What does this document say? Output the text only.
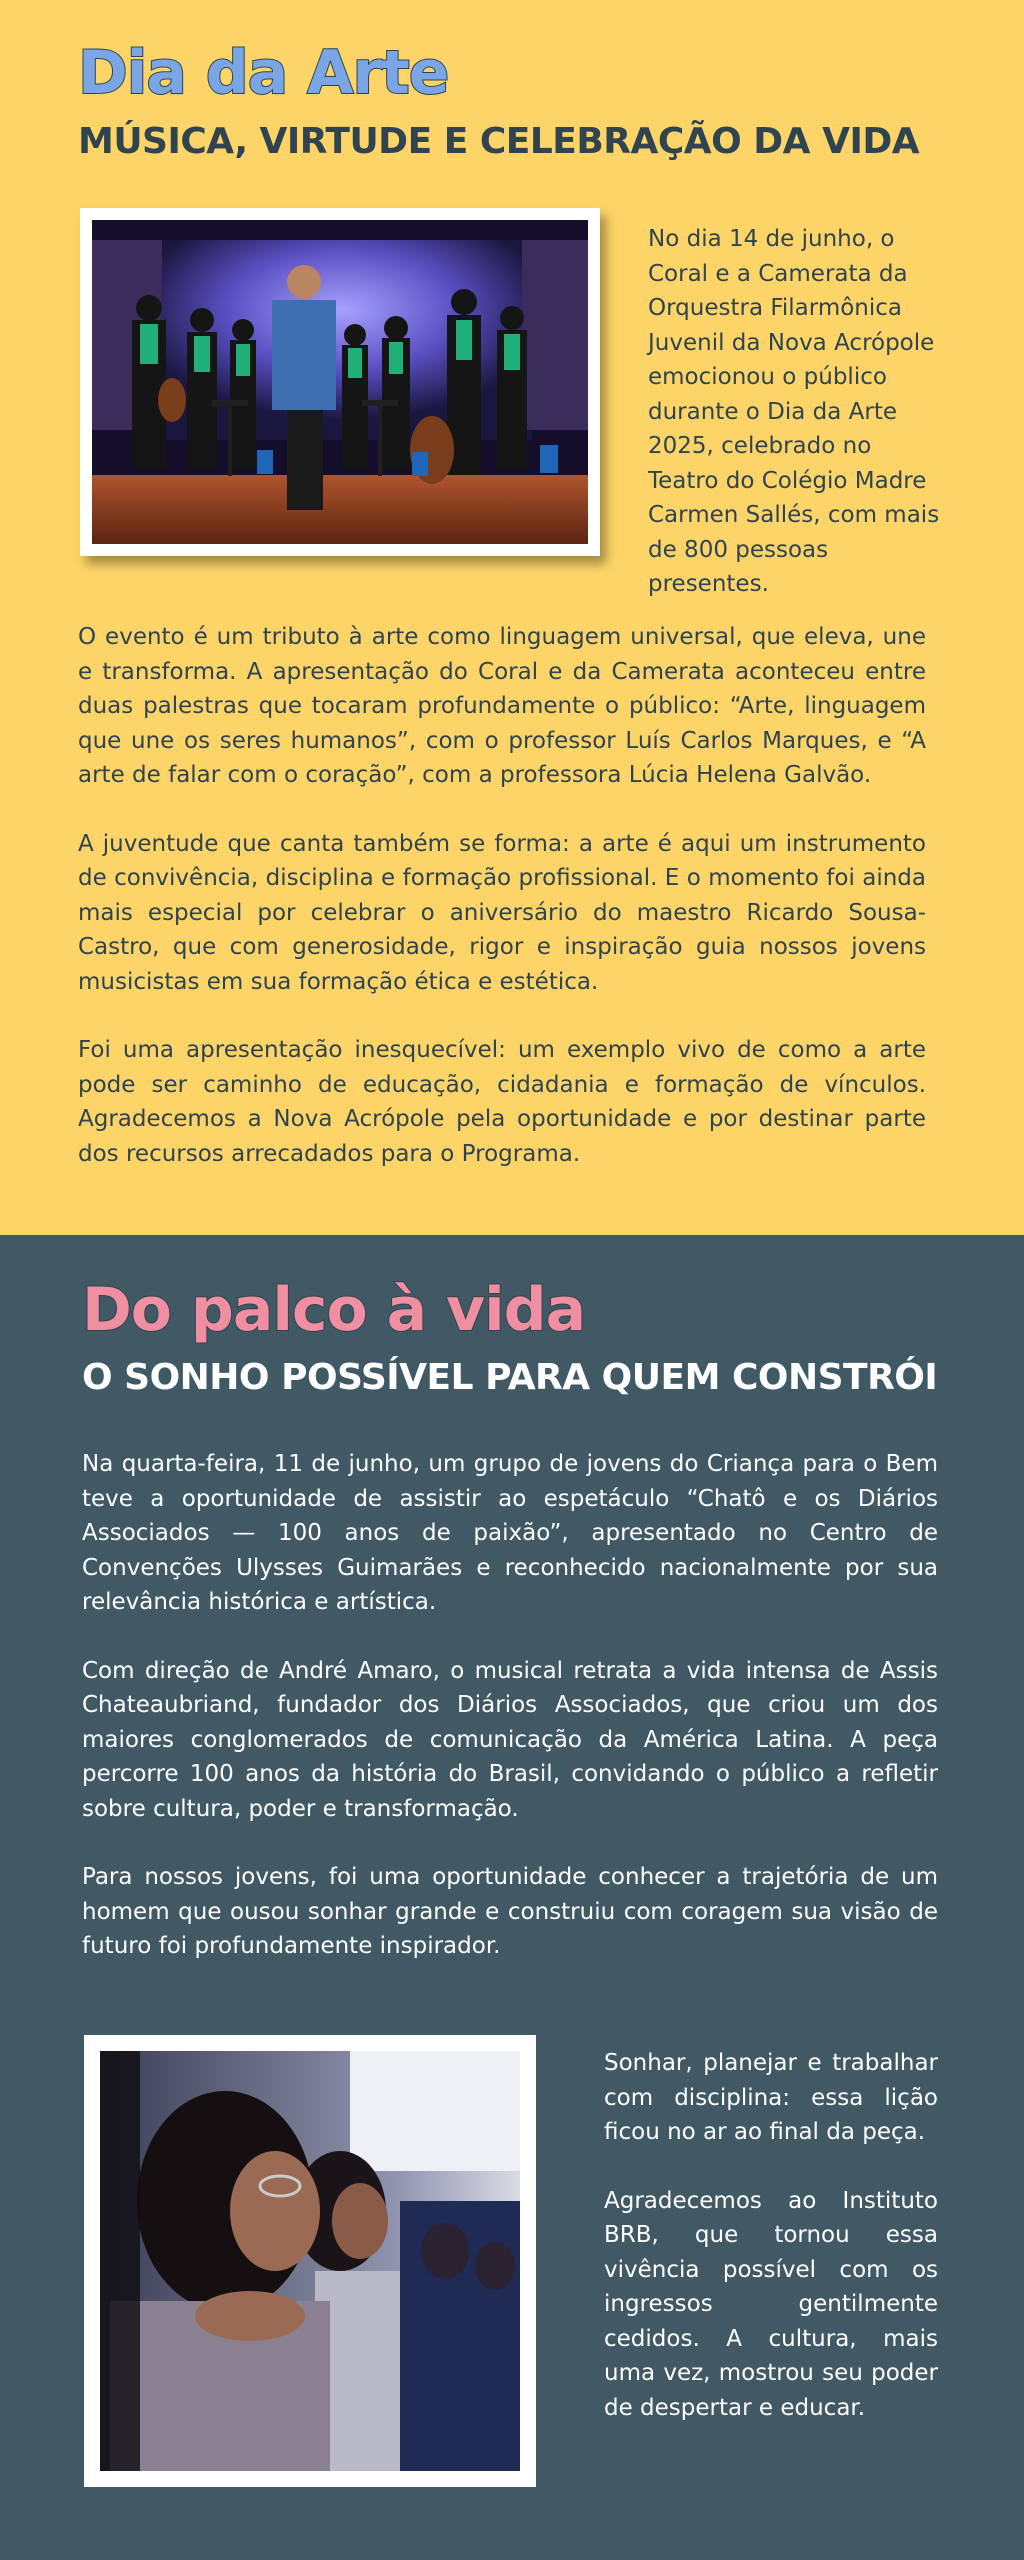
Dia da Arte
MÚSICA, VIRTUDE E CELEBRAÇÃO DA VIDA
No dia 14 de junho, o Coral e a Camerata da Orquestra Filarmônica Juvenil da Nova Acrópole emocionou o público durante o Dia da Arte 2025, celebrado no Teatro do Colégio Madre Carmen Sallés, com mais de 800 pessoas presentes.

O evento é um tributo à arte como linguagem universal, que eleva, une e transforma. A apresentação do Coral e da Camerata aconteceu entre duas palestras que tocaram profundamente o público: “Arte, linguagem que une os seres humanos”, com o professor Luís Carlos Marques, e “A arte de falar com o coração”, com a professora Lúcia Helena Galvão.

A juventude que canta também se forma: a arte é aqui um instrumento de convivência, disciplina e formação profissional. E o momento foi ainda mais especial por celebrar o aniversário do maestro Ricardo Sousa-Castro, que com generosidade, rigor e inspiração guia nossos jovens musicistas em sua formação ética e estética.

Foi uma apresentação inesquecível: um exemplo vivo de como a arte pode ser caminho de educação, cidadania e formação de vínculos. Agradecemos a Nova Acrópole pela oportunidade e por destinar parte dos recursos arrecadados para o Programa.

Do palco à vida
O SONHO POSSÍVEL PARA QUEM CONSTRÓI

Na quarta-feira, 11 de junho, um grupo de jovens do Criança para o Bem teve a oportunidade de assistir ao espetáculo “Chatô e os Diários Associados — 100 anos de paixão”, apresentado no Centro de Convenções Ulysses Guimarães e reconhecido nacionalmente por sua relevância histórica e artística.

Com direção de André Amaro, o musical retrata a vida intensa de Assis Chateaubriand, fundador dos Diários Associados, que criou um dos maiores conglomerados de comunicação da América Latina. A peça percorre 100 anos da história do Brasil, convidando o público a refletir sobre cultura, poder e transformação.

Para nossos jovens, foi uma oportunidade conhecer a trajetória de um homem que ousou sonhar grande e construiu com coragem sua visão de futuro foi profundamente inspirador.

Sonhar, planejar e trabalhar com disciplina: essa lição ficou no ar ao final da peça.

Agradecemos ao Instituto BRB, que tornou essa vivência possível com os ingressos gentilmente cedidos. A cultura, mais uma vez, mostrou seu poder de despertar e educar.
